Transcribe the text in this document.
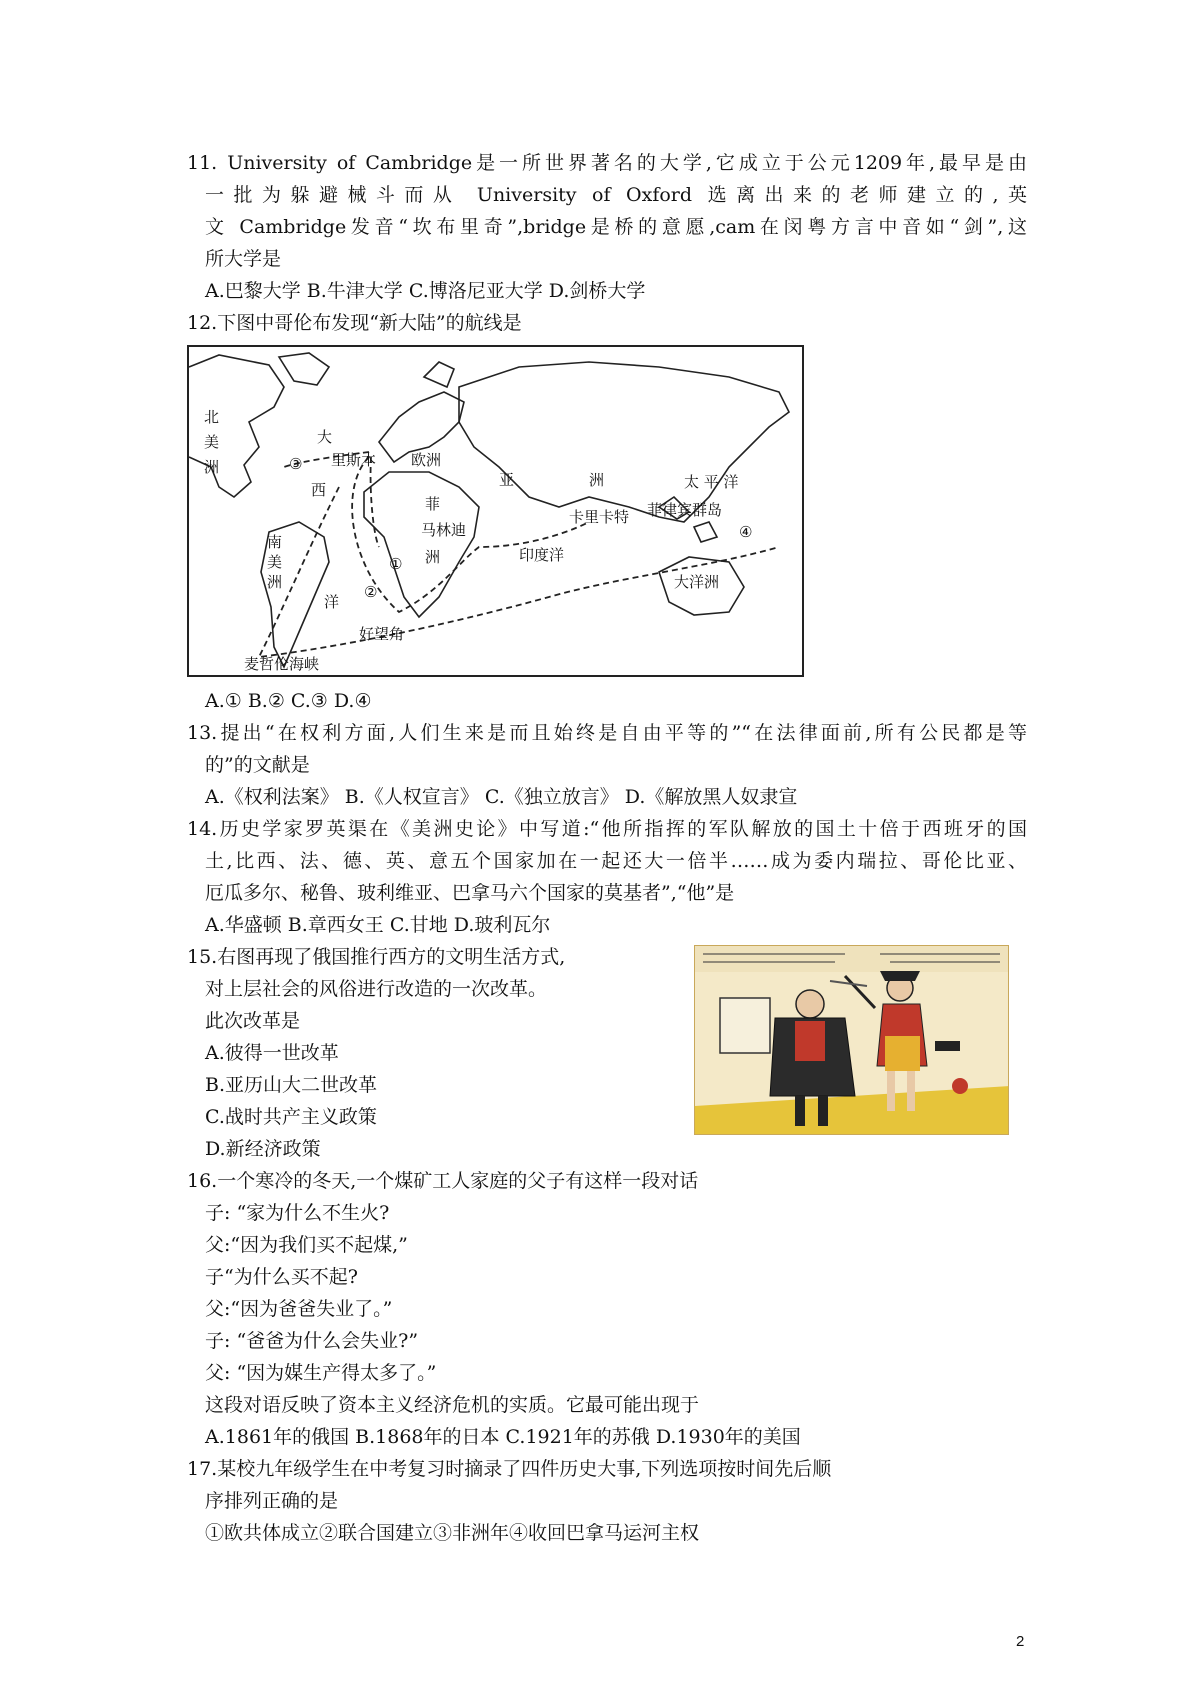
11. University of Cambridge是一所世界著名的大学,它成立于公元1209年,最早是由
一批为躲避械斗而从 University of Oxford 选离出来的老师建立的,英
文 Cambridge发音“坎布里奇”,bridge是桥的意愿,cam在闵粤方言中音如“剑”,这
所大学是
A.巴黎大学 B.牛津大学 C.博洛尼亚大学 D.剑桥大学
12.下图中哥伦布发现“新大陆”的航线是
北
美
洲
大
西
洋
里斯本 欧洲
亚	洲	太 平 洋
菲律宾群岛
卡里卡特
菲
洲
马林迪
印度洋
大洋洲
南
美
洲
好望角
麦哲伦海峡
①
②
③
④
A.① B.② C.③ D.④
13.提出“在权利方面,人们生来是而且始终是自由平等的”“在法律面前,所有公民都是等
的”的文献是
A.《权利法案》 B.《人权宣言》 C.《独立放言》 D.《解放黑人奴隶宣
14.历史学家罗英渠在《美洲史论》中写道:“他所指挥的军队解放的国土十倍于西班牙的国
土,比西、法、德、英、意五个国家加在一起还大一倍半……成为委内瑞拉、哥伦比亚、
厄瓜多尔、秘鲁、玻利维亚、巴拿马六个国家的莫基者”,“他”是
A.华盛顿 B.章西女王 C.甘地 D.玻利瓦尔
15.右图再现了俄国推行西方的文明生活方式,
对上层社会的风俗进行改造的一次改革。
此次改革是
A.彼得一世改革
B.亚历山大二世改革
C.战时共产主义政策
D.新经济政策
16.一个寒冷的冬天,一个煤矿工人家庭的父子有这样一段对话
子: “家为什么不生火?
父:“因为我们买不起煤,”
子“为什么买不起?
父:“因为爸爸失业了。”
子: “爸爸为什么会失业?”
父: “因为媒生产得太多了。”
这段对语反映了资本主义经济危机的实质。它最可能出现于
A.1861年的俄国 B.1868年的日本 C.1921年的苏俄 D.1930年的美国
17.某校九年级学生在中考复习时摘录了四件历史大事,下列选项按时间先后顺
序排列正确的是
①欧共体成立②联合国建立③非洲年④收回巴拿马运河主权
2
